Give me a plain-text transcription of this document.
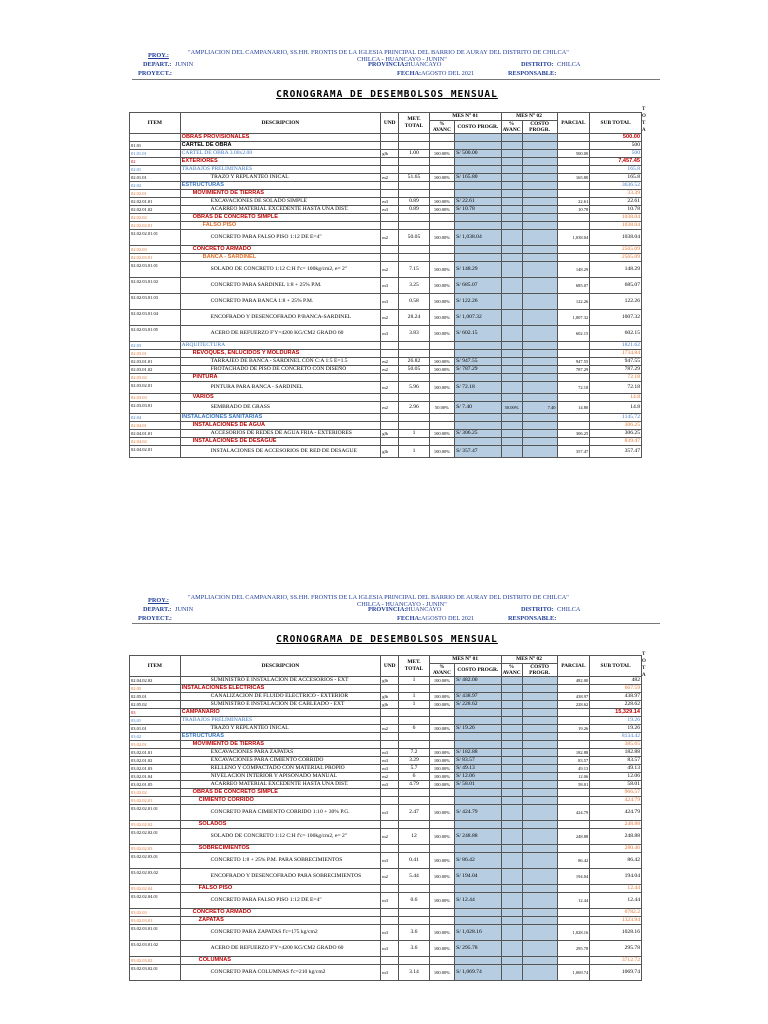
PROY.:	"AMPLIACION DEL CAMPANARIO, SS.HH. FRONTIS DE LA IGLESIA PRINCIPAL DEL BARRIO DE AURAY DEL DISTRITO DE CHILCA"
CHILCA - HUANCAYO - JUNIN"
DEPART.: JUNIN	PROVINCIA: HUANCAYO	DISTRITO: CHILCA
PROYECT.:	FECHA: AGOSTO DEL 2021	RESPONSABLE:
CRONOGRAMA DE DESEMBOLSOS MENSUAL
T O T A
ITEM	DESCRIPCION	UND	MET. TOTAL	MES N° 01		MES N° 02		PARCIAL	SUB TOTAL
				% AVANC	COSTO PROGR.	% AVANC	COSTO PROGR.		
	OBRAS PROVISIONALES								500.00
01.01	CARTEL DE OBRA								500
01.01.01	CARTEL DE OBRA 3.00x2.00	glb	1.00	100.00%	S/ 500.00			500.00	500
02	EXTERIORES								7,457.45
02.01	TRABAJOS PRELIMINARES								165.8
02.01.01	TRAZO Y REPLANTEO INICAL	m2	51.65	100.00%	S/ 165.80			165.80	165.8
02.02	ESTRUCTURAS								3636.52
02.02.01	MOVIMIENTO DE TIERRAS								33.39
02.02.01.01	EXCAVACIONES DE SOLADO SIMPLE	m3	0.89	100.00%	S/ 22.61			22.61	22.61
02.02.01.02	ACARREO MATERIAL EXCEDENTE HASTA UNA DIST.	m3	0.89	100.00%	S/ 10.78			10.78	10.78
02.02.02	OBRAS DE CONCRETO SIMPLE								1038.04
02.02.02.01	FALSO PISO								1038.04
02.02.02.01.01	CONCRETO PARA FALSO PISO 1:12 DE E=4"	m2	50.05	100.00%	S/ 1,038.04			1,038.04	1038.04
02.02.03	CONCRETO ARMADO								2565.09
02.02.03.01	BANCA - SARDINEL								2565.09
02.02.03.01.01	SOLADO DE CONCRETO 1:12 C:H f'c= 100kg/cm2, e= 2"	m2	7.15	100.00%	S/ 148.29			148.29	148.29
02.02.03.01.02	CONCRETO PARA SARDINEL 1:8 + 25% P.M.	m3	3.25	100.00%	S/ 685.07			685.07	685.07
02.02.03.01.03	CONCRETO PARA BANCA 1:8 + 25% P.M.	m3	0.58	100.00%	S/ 122.26			122.26	122.26
02.02.03.01.04	ENCOFRADO Y DESENCOFRADO P/BANCA-SARDINEL	m2	28.24	100.00%	S/ 1,007.32			1,007.32	1007.32
02.02.03.01.05	ACERO DE REFUERZO F'Y=4200 KG/CM2 GRADO 60	m3	3.83	100.00%	S/ 602.15			602.15	602.15
02.03	ARQUITECTURA								1821.62
02.03.01	REVOQUES, ENLUCIDOS Y MOLDURAS								1734.84
02.03.01.01	TARRAJEO DE BANCA - SARDINEL CON C:A 1:5 E=1.5	m2	26.82	100.00%	S/ 947.55			947.55	947.55
02.03.01.02	FROTACHADO DE PISO DE CONCRETO CON DISEÑO	m2	50.05	100.00%	S/ 787.29			787.29	787.29
02.03.02	PINTURA								72.18
02.03.02.01	PINTURA PARA BANCA - SARDINEL	m2	5.96	100.00%	S/ 72.18			72.18	72.18
02.03.03	VARIOS								14.8
02.03.03.01	SEMBRADO DE GRASS	m2	2.96	50.00%	S/ 7.40	50.00%	7.40	14.80	14.8
02.04	INSTALACIONES SANITARIAS								1145.72
02.04.01	INSTALACIONES DE AGUA								306.25
02.04.01.01	ACCESORIOS DE REDES DE AGUA FRIA - EXTERIORES	glb	1	100.00%	S/ 306.25			306.25	306.25
02.04.02	INSTALACIONES DE DESAGUE								839.47
02.04.02.01	INSTALACIONES DE ACCESORIOS DE RED DE DESAGUE	glb	1	100.00%	S/ 357.47			357.47	357.47
PROY.:	"AMPLIACION DEL CAMPANARIO, SS.HH. FRONTIS DE LA IGLESIA PRINCIPAL DEL BARRIO DE AURAY DEL DISTRITO DE CHILCA"
CHILCA - HUANCAYO - JUNIN"
DEPART.: JUNIN	PROVINCIA: HUANCAYO	DISTRITO: CHILCA
PROYECT.:	FECHA: AGOSTO DEL 2021	RESPONSABLE:
CRONOGRAMA DE DESEMBOLSOS MENSUAL
T O T A
ITEM	DESCRIPCION	UND	MET. TOTAL	MES N° 01		MES N° 02		PARCIAL	SUB TOTAL
				% AVANC	COSTO PROGR.	% AVANC	COSTO PROGR.		
02.04.02.02	SUMINISTRO E INSTALACION DE ACCESORIOS - EXT	glb	1	100.00%	S/ 482.00			482.00	482
02.05	INSTALACIONES ELECTRICAS								667.59
02.05.01	CANALIZACION DE FLUIDO ELECTRICO - EXTERIOR	glb	1	100.00%	S/ 438.97			438.97	438.97
02.05.02	SUMINISTRO E INSTALACION DE CABLEADO - EXT	glb	1	100.00%	S/ 228.62			228.62	228.62
03	CAMPANARIO								15,329.14
03.01	TRABAJOS PRELIMINARES								19.26
03.01.01	TRAZO Y REPLANTEO INICAL	m2	6	100.00%	S/ 19.26			19.26	19.26
03.02	ESTRUCTURAS								8134.42
03.02.01	MOVIMIENTO DE TIERRAS								385.65
03.02.01.01	EXCAVACIONES PARA ZAPATAS	m3	7.2	100.00%	S/ 182.88			182.88	182.88
03.02.01.02	EXCAVACIONES PARA CIMIENTO CORRIDO	m3	3.29	100.00%	S/ 83.57			83.57	83.57
03.02.01.03	RELLENO Y COMPACTADO CON MATERIAL PROPIO	m3	5.7	100.00%	S/ 49.13			49.13	49.13
03.02.01.04	NIVELACION INTERIOR Y APISONADO MANUAL	m2	6	100.00%	S/ 12.06			12.06	12.06
03.02.01.05	ACARREO MATERIAL EXCEDENTE HASTA UNA DIST.	m3	4.79	100.00%	S/ 58.01			58.01	58.01
03.02.02	OBRAS DE CONCRETO SIMPLE								966.57
03.02.02.01	CIMIENTO CORRIDO								424.79
03.02.02.01.01	CONCRETO PARA CIMIENTO CORRIDO 1:10 + 30% P.G.	m3	2.47	100.00%	S/ 424.79			424.79	424.79
03.02.02.02	SOLADOS								248.88
03.02.02.02.01	SOLADO DE CONCRETO 1:12 C:H f'c= 100kg/cm2, e= 2"	m2	12	100.00%	S/ 248.88			248.88	248.88
03.02.02.03	SOBRECIMIENTOS								280.46
03.02.02.03.01	CONCRETO 1:8 + 25% P.M. PARA SOBRECIMIENTOS	m3	0.41	100.00%	S/ 86.42			86.42	86.42
03.02.02.03.02	ENCOFRADO Y DESENCOFRADO PARA SOBRECIMIENTOS	m2	5.44	100.00%	S/ 194.04			194.04	194.04
03.02.02.04	FALSO PISO								12.44
03.02.02.04.01	CONCRETO PARA FALSO PISO 1:12 DE E=4"	m3	0.6	100.00%	S/ 12.44			12.44	12.44
03.02.03	CONCRETO ARMADO								6782.2
03.02.03.01	ZAPATAS								1323.94
03.02.03.01.01	CONCRETO PARA ZAPATAS f'c=175 kg/cm2	m3	3.6	100.00%	S/ 1,028.16			1,028.16	1028.16
03.02.03.01.02	ACERO DE REFUERZO F'Y=4200 KG/CM2 GRADO 60	m3	3.6	100.00%	S/ 295.78			295.78	295.78
03.02.03.02	COLUMNAS								3712.72
03.02.03.02.01	CONCRETO PARA COLUMNAS f'c=210 kg/cm2	m3	3.14	100.00%	S/ 1,069.74			1,069.74	1069.74
